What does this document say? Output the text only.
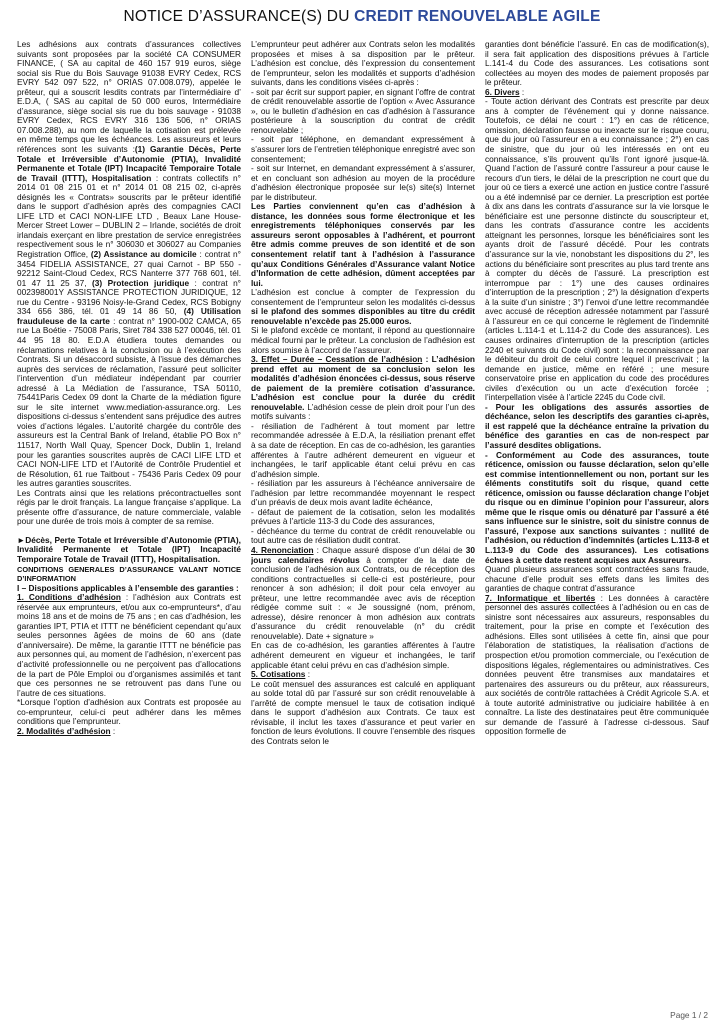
NOTICE D’ASSURANCE(S) DU CREDIT RENOUVELABLE AGILE

Les adhésions aux contrats d’assurances collectives suivants sont proposées par la société CA CONSUMER FINANCE, ( SA au capital de 460 157 919 euros, siège social sis Rue du Bois Sauvage 91038 EVRY Cedex, RCS EVRY 542 097 522, n° ORIAS 07.008.079), appelée le prêteur, qui a souscrit lesdits contrats par l’intermédiaire d’ E.D.A, ( SAS au capital de 50 000 euros, Intermédiaire d’assurance, siège social sis rue du bois sauvage - 91038 EVRY Cedex, RCS EVRY 316 136 506, n° ORIAS 07.008.288), au nom de laquelle la cotisation est prélevée en même temps que les échéances. Les assureurs et leurs références sont les suivants :(1) Garantie Décès, Perte Totale et Irréversible d’Autonomie (PTIA), Invalidité Permanente et Totale (IPT) Incapacité Temporaire Totale de Travail (ITTT), Hospitalisation : contrats collectifs n° 2014 01 08 215 01 et n° 2014 01 08 215 02, ci-après désignés les « Contrats» souscrits par le prêteur identifié dans le support d’adhésion après des compagnies CACI LIFE LTD et CACI NON-LIFE LTD , Beaux Lane House- Mercer Street Lower – DUBLIN 2 – Irlande, sociétés de droit irlandais exerçant en libre prestation de service enregistrées respectivement sous le n° 306030 et 306027 au Companies Registration Office, (2) Assistance au domicile : contrat n° 3454 FIDELIA ASSISTANCE, 27 quai Carnot - BP 550 - 92212 Saint-Cloud Cedex, RCS Nanterre 377 768 601, tél. 01 47 11 25 37, (3) Protection juridique : contrat n° 002398001Y ASSISTANCE PROTECTION JURIDIQUE, 12 rue du Centre - 93196 Noisy-le-Grand Cedex, RCS Bobigny 334 656 386, tél. 01 49 14 86 50, (4) Utilisation frauduleuse de la carte : contrat n° 1900-002 CAMCA, 65 rue La Boétie - 75008 Paris, Siret 784 338 527 00046, tél. 01 44 95 18 80. E.D.A étudiera toutes demandes ou réclamations relatives à la conclusion ou à l’exécution des Contrats. Si un désaccord subsiste, à l’issue des démarches auprès des services de réclamation, l’assuré peut solliciter l’intervention d’un médiateur indépendant par courrier adressé à La Médiation de l’assurance, TSA 50110, 75441Paris Cedex 09 dont la Charte de la médiation figure sur le site internet www.mediation-assurance.org. Les dispositions ci-dessus s’entendent sans préjudice des autres voies d’actions légales. L’autorité chargée du contrôle des assureurs est la Central Bank of Ireland, établie PO Box n° 11517, North Wall Quay, Spencer Dock, Dublin 1, Ireland pour les garanties souscrites auprès de CACI LIFE LTD et CACI NON-LIFE LTD et l’Autorité de Contrôle Prudentiel et de Résolution, 61 rue Taitbout - 75436 Paris Cedex 09 pour les autres garanties souscrites.

Les Contrats ainsi que les relations précontractuelles sont régis par le droit français. La langue française s’applique. La présente offre d’assurance, de nature commerciale, valable pour une durée de trois mois à compter de sa remise.

►Décès, Perte Totale et Irréversible d’Autonomie (PTIA), Invalidité Permanente et Totale (IPT) Incapacité Temporaire Totale de Travail (ITTT), Hospitalisation.

CONDITIONS GENERALES D’ASSURANCE VALANT NOTICE D’INFORMATION

I – Dispositions applicables à l’ensemble des garanties :

1. Conditions d’adhésion : l’adhésion aux Contrats est réservée aux emprunteurs, et/ou aux co-emprunteurs*, d’au moins 18 ans et de moins de 75 ans ; en cas d’adhésion, les garanties IPT, PTIA et ITTT ne bénéficient cependant qu’aux seules personnes âgées de moins de 60 ans (date d’anniversaire). De même, la garantie ITTT ne bénéficie pas aux personnes qui, au moment de l’adhésion, n’exercent pas d’activité professionnelle ou ne perçoivent pas d’allocations de la part de Pôle Emploi ou d’organismes assimilés et tant que ces personnes ne se retrouvent pas dans l’une ou l’autre de ces situations.

*Lorsque l’option d’adhésion aux Contrats est proposée au co-emprunteur, celui-ci peut adhérer dans les mêmes conditions que l’emprunteur.

2. Modalités d’adhésion :

L’emprunteur peut adhérer aux Contrats selon les modalités proposées et mises à sa disposition par le prêteur. L’adhésion est conclue, dès l’expression du consentement de l’emprunteur, selon les modalités et supports d’adhésion suivants, dans les conditions visées ci-après :

- soit par écrit sur support papier, en signant l’offre de contrat de crédit renouvelable assortie de l’option « Avec Assurance », ou le bulletin d’adhésion en cas d’adhésion à l’assurance postérieure à la souscription du contrat de crédit renouvelable ;

- soit par téléphone, en demandant expressément à s’assurer lors de l’entretien téléphonique enregistré avec son consentement;

- soit sur Internet, en demandant expressément à s’assurer, et en concluant son adhésion au moyen de la procédure d’adhésion électronique proposée sur le(s) site(s) Internet par le distributeur.

Les Parties conviennent qu’en cas d’adhésion à distance, les données sous forme électronique et les enregistrements téléphoniques conservés par les assureurs seront opposables à l’adhérent, et pourront être admis comme preuves de son identité et de son consentement relatif tant à l’adhésion à l’assurance qu’aux Conditions Générales d’Assurance valant Notice d’Information de cette adhésion, dûment acceptées par lui.

L’adhésion est conclue à compter de l’expression du consentement de l’emprunteur selon les modalités ci-dessus si le plafond des sommes disponibles au titre du crédit renouvelable n’excède pas 25.000 euros.

Si le plafond excède ce montant, il répond au questionnaire médical fourni par le prêteur. La conclusion de l’adhésion est alors soumise à l’accord de l’assureur.

3. Effet – Durée – Cessation de l’adhésion : L’adhésion prend effet au moment de sa conclusion selon les modalités d’adhésion énoncées ci-dessus, sous réserve de paiement de la première cotisation d’assurance. L’adhésion est conclue pour la durée du crédit renouvelable. L’adhésion cesse de plein droit pour l’un des motifs suivants :

- résiliation de l’adhérent à tout moment par lettre recommandée adressée à E.D.A, la résiliation prenant effet à sa date de réception. En cas de co-adhésion, les garanties afférentes à l’autre adhérent demeurent en vigueur et inchangées, le tarif applicable étant celui prévu en cas d’adhésion simple.

- résiliation par les assureurs à l’échéance anniversaire de l’adhésion par lettre recommandée moyennant le respect d’un préavis de deux mois avant ladite échéance,

- défaut de paiement de la cotisation, selon les modalités prévues à l’article 113-3 du Code des assurances,

- déchéance du terme du contrat de crédit renouvelable ou tout autre cas de résiliation dudit contrat.

4. Renonciation : Chaque assuré dispose d’un délai de 30 jours calendaires révolus à compter de la date de conclusion de l’adhésion aux Contrats, ou de réception des conditions contractuelles si celle-ci est postérieure, pour renoncer à son adhésion; il doit pour cela envoyer au prêteur, une lettre recommandée avec avis de réception rédigée comme suit : « Je soussigné (nom, prénom, adresse), désire renoncer à mon adhésion aux contrats d’assurance du crédit renouvelable (n° du crédit renouvelable). Date + signature »

En cas de co-adhésion, les garanties afférentes à l’autre adhérent demeurent en vigueur et inchangées, le tarif applicable étant celui prévu en cas d’adhésion simple.

5. Cotisations :

Le coût mensuel des assurances est calculé en appliquant au solde total dû par l’assuré sur son crédit renouvelable à l’arrêté de compte mensuel le taux de cotisation indiqué dans le support d’adhésion aux Contrats. Ce taux est révisable, il inclut les taxes d’assurance et peut varier en fonction de leurs évolutions. Il couvre l’ensemble des risques des Contrats selon le

garanties dont bénéficie l’assuré. En cas de modification(s), il sera fait application des dispositions prévues à l’article L.141-4 du Code des assurances. Les cotisations sont collectées au moyen des modes de paiement proposés par le prêteur.

6. Divers :

- Toute action dérivant des Contrats est prescrite par deux ans à compter de l’événement qui y donne naissance. Toutefois, ce délai ne court : 1°) en cas de réticence, omission, déclaration fausse ou inexacte sur le risque couru, que du jour où l’assureur en a eu connaissance ; 2°) en cas de sinistre, que du jour où les intéressés en ont eu connaissance, s’ils prouvent qu’ils l’ont ignoré jusque-là. Quand l’action de l’assuré contre l’assureur a pour cause le recours d’un tiers, le délai de la prescription ne court que du jour où ce tiers a exercé une action en justice contre l’assuré ou a été indemnisé par ce dernier. La prescription est portée à dix ans dans les contrats d’assurance sur la vie lorsque le bénéficiaire est une personne distincte du souscripteur et, dans les contrats d’assurance contre les accidents atteignant les personnes, lorsque les bénéficiaires sont les ayants droit de l’assuré décédé. Pour les contrats d’assurance sur la vie, nonobstant les dispositions du 2°, les actions du bénéficiaire sont prescrites au plus tard trente ans à compter du décès de l’assuré. La prescription est interrompue par : 1°) une des causes ordinaires d’interruption de la prescription ; 2°) la désignation d’experts à la suite d’un sinistre ; 3°) l’envoi d’une lettre recommandée avec accusé de réception adressée notamment par l’assuré à l’assureur en ce qui concerne le règlement de l’indemnité (articles L.114-1 et L.114-2 du Code des assurances). Les causes ordinaires d’interruption de la prescription (articles 2240 et suivants du Code civil) sont : la reconnaissance par le débiteur du droit de celui contre lequel il prescrivait ; la demande en justice, même en référé ; une mesure conservatoire prise en application du code des procédures civiles d’exécution ou un acte d’exécution forcée ; l’interpellation visée à l’article 2245 du Code civil.

- Pour les obligations des assurés assorties de déchéance, selon les descriptifs des garanties ci-après, il est rappelé que la déchéance entraîne la privation du bénéfice des garanties en cas de non-respect par l’assuré desdites obligations.

- Conformément au Code des assurances, toute réticence, omission ou fausse déclaration, selon qu’elle est commise intentionnellement ou non, portant sur les éléments constitutifs soit du risque, quand cette réticence, omission ou fausse déclaration change l’objet du risque ou en diminue l’opinion pour l’assureur, alors même que le risque omis ou dénaturé par l’assuré a été sans influence sur le sinistre, soit du sinistre connus de l’assuré, l’expose aux sanctions suivantes : nullité de l’adhésion, ou réduction d’indemnités (articles L.113-8 et L.113-9 du Code des assurances). Les cotisations échues à cette date restent acquises aux Assureurs.

Quand plusieurs assurances sont contractées sans fraude, chacune d’elle produit ses effets dans les limites des garanties de chaque contrat d’assurance

7. Informatique et libertés : Les données à caractère personnel des assurés collectées à l’adhésion ou en cas de sinistre sont nécessaires aux assureurs, responsables du traitement, pour la prise en compte et l’exécution des adhésions. Elles sont utilisées à cette fin, ainsi que pour l’élaboration de statistiques, la réalisation d’actions de prospection et/ou promotion commerciale, ou l’exécution de dispositions légales, réglementaires ou administratives. Ces données peuvent être transmises aux mandataires et partenaires des assureurs ou du prêteur, aux réassureurs, aux sociétés de contrôle rattachées à Crédit Agricole S.A. et à toute autorité administrative ou judiciaire habilitée à en connaître. La liste des destinataires peut être communiquée sur demande de l’assuré à l’adresse ci-dessous. Sauf opposition formelle de

Page 1 / 2
